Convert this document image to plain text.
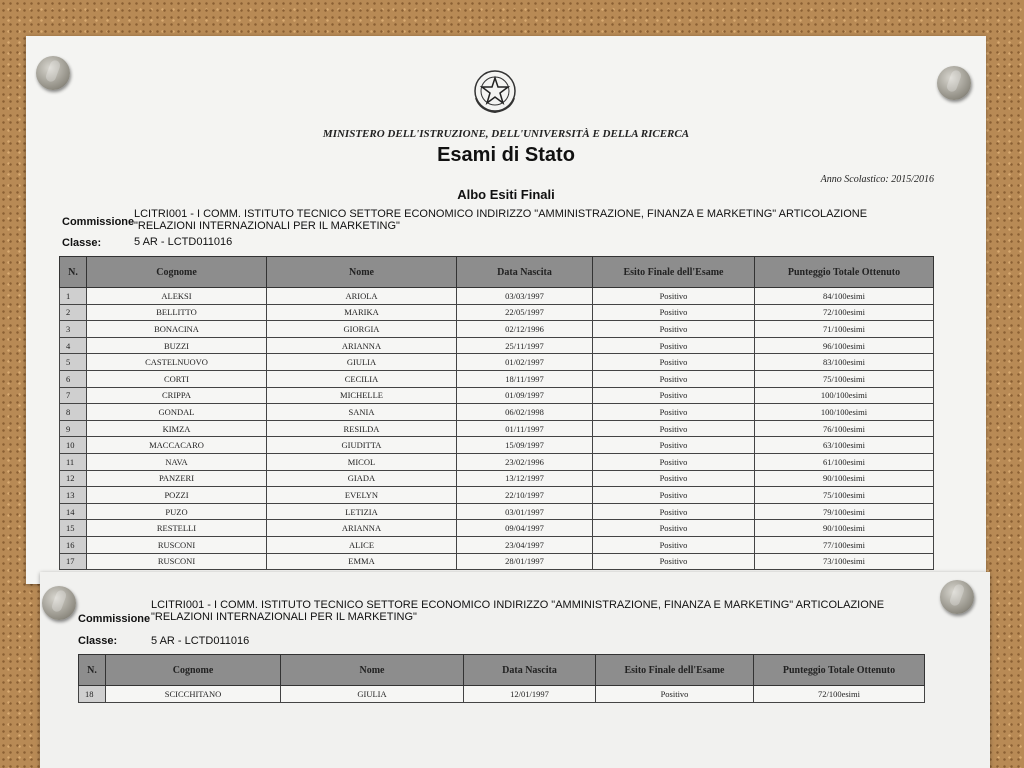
MINISTERO DELL'ISTRUZIONE, DELL'UNIVERSITÀ E DELLA RICERCA

Esami di Stato

Anno Scolastico: 2015/2016

Albo Esiti Finali

Commissione
LCITRI001 - I COMM. ISTITUTO TECNICO SETTORE ECONOMICO INDIRIZZO "AMMINISTRAZIONE, FINANZA E MARKETING" ARTICOLAZIONE
"RELAZIONI INTERNAZIONALI PER IL MARKETING"
Classe:	5 AR - LCTD011016
N.	Cognome	Nome	Data Nascita	Esito Finale dell'Esame	Punteggio Totale Ottenuto
1	ALEKSI	ARIOLA	03/03/1997	Positivo	84/100esimi
2	BELLITTO	MARIKA	22/05/1997	Positivo	72/100esimi
3	BONACINA	GIORGIA	02/12/1996	Positivo	71/100esimi
4	BUZZI	ARIANNA	25/11/1997	Positivo	96/100esimi
5	CASTELNUOVO	GIULIA	01/02/1997	Positivo	83/100esimi
6	CORTI	CECILIA	18/11/1997	Positivo	75/100esimi
7	CRIPPA	MICHELLE	01/09/1997	Positivo	100/100esimi
8	GONDAL	SANIA	06/02/1998	Positivo	100/100esimi
9	KIMZA	RESILDA	01/11/1997	Positivo	76/100esimi
10	MACCACARO	GIUDITTA	15/09/1997	Positivo	63/100esimi
11	NAVA	MICOL	23/02/1996	Positivo	61/100esimi
12	PANZERI	GIADA	13/12/1997	Positivo	90/100esimi
13	POZZI	EVELYN	22/10/1997	Positivo	75/100esimi
14	PUZO	LETIZIA	03/01/1997	Positivo	79/100esimi
15	RESTELLI	ARIANNA	09/04/1997	Positivo	90/100esimi
16	RUSCONI	ALICE	23/04/1997	Positivo	77/100esimi
17	RUSCONI	EMMA	28/01/1997	Positivo	73/100esimi
Commissione
LCITRI001 - I COMM. ISTITUTO TECNICO SETTORE ECONOMICO INDIRIZZO "AMMINISTRAZIONE, FINANZA E MARKETING" ARTICOLAZIONE
"RELAZIONI INTERNAZIONALI PER IL MARKETING"
Classe:	5 AR - LCTD011016
N.	Cognome	Nome	Data Nascita	Esito Finale dell'Esame	Punteggio Totale Ottenuto
18	SCICCHITANO	GIULIA	12/01/1997	Positivo	72/100esimi
